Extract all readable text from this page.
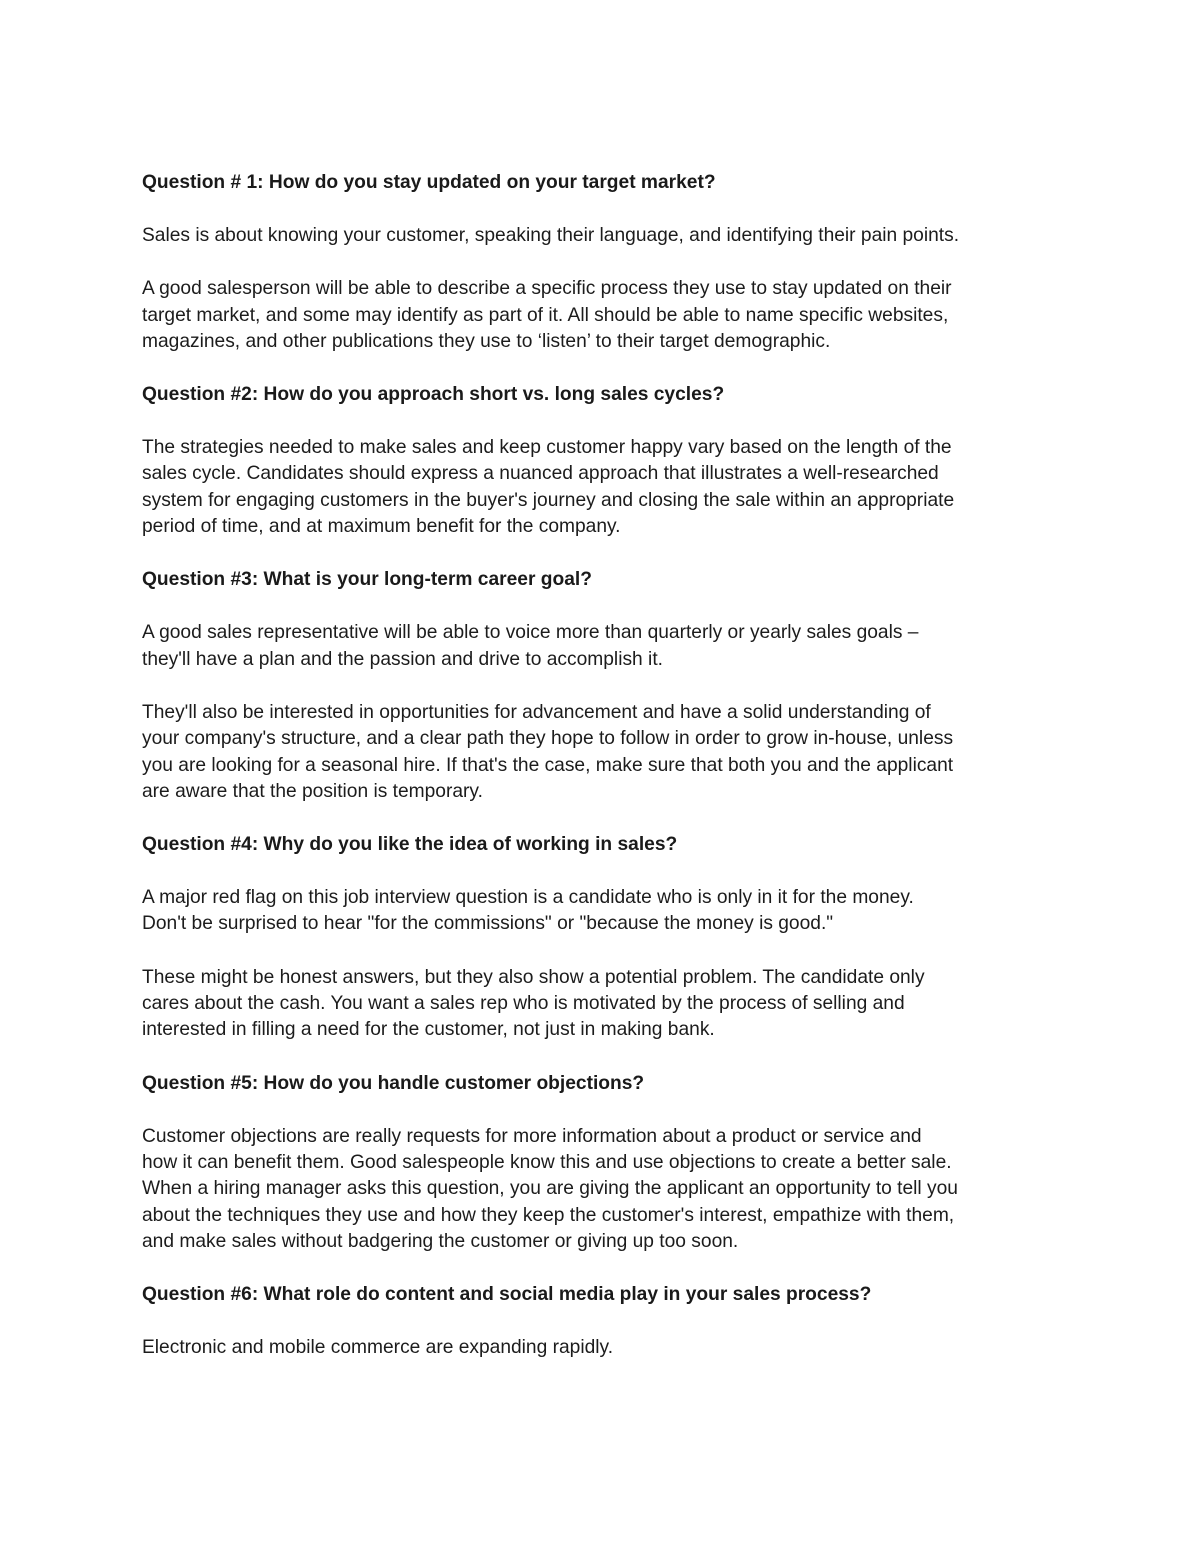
Question # 1: How do you stay updated on your target market?
Sales is about knowing your customer, speaking their language, and identifying their pain points.
A good salesperson will be able to describe a specific process they use to stay updated on their
target market, and some may identify as part of it. All should be able to name specific websites,
magazines, and other publications they use to ‘listen’ to their target demographic.
Question #2: How do you approach short vs. long sales cycles?
The strategies needed to make sales and keep customer happy vary based on the length of the
sales cycle. Candidates should express a nuanced approach that illustrates a well-researched
system for engaging customers in the buyer's journey and closing the sale within an appropriate
period of time, and at maximum benefit for the company.
Question #3: What is your long-term career goal?
A good sales representative will be able to voice more than quarterly or yearly sales goals –
they'll have a plan and the passion and drive to accomplish it.
They'll also be interested in opportunities for advancement and have a solid understanding of
your company's structure, and a clear path they hope to follow in order to grow in-house, unless
you are looking for a seasonal hire. If that's the case, make sure that both you and the applicant
are aware that the position is temporary.
Question #4: Why do you like the idea of working in sales?
A major red flag on this job interview question is a candidate who is only in it for the money.
Don't be surprised to hear "for the commissions" or "because the money is good."
These might be honest answers, but they also show a potential problem. The candidate only
cares about the cash. You want a sales rep who is motivated by the process of selling and
interested in filling a need for the customer, not just in making bank.
Question #5: How do you handle customer objections?
Customer objections are really requests for more information about a product or service and
how it can benefit them. Good salespeople know this and use objections to create a better sale.
When a hiring manager asks this question, you are giving the applicant an opportunity to tell you
about the techniques they use and how they keep the customer's interest, empathize with them,
and make sales without badgering the customer or giving up too soon.
Question #6: What role do content and social media play in your sales process?
Electronic and mobile commerce are expanding rapidly.
